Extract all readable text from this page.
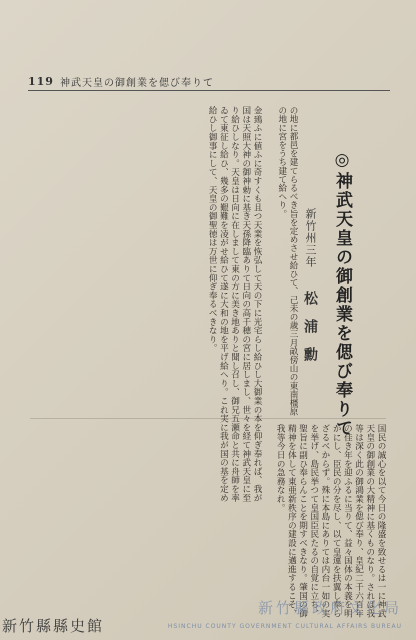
119 神武天皇の御創業を偲び奉りて
◎神武天皇の御創業を偲び奉りて
新竹州三年 松浦勳
の地に都邑を建てらるべき旨を定めさせ給ひて、己未の歳三月畝傍山の東南橿原の地に宮をうち建て給へり。
金鵄ふに値ふに奇すくも且つ天業を恢弘して天の下に光宅らし給ひし大御業の本を仰ぎ奉れば、我が国は天照大神の御神勅に基き天孫降臨ありて日向の高千穂の宮に居しまし、世々を経て神武天皇に至り給ひしなり。天皇は日向に在しまして東の方に美き地ありと聞し召し、御兄五瀬命と共に舟師を率ゐて東征し給ひ、幾多の艱難を凌がせ給ひて遂に大和の地を平げ給へり。これ実に我が国の基を定め給ひし御事にして、天皇の御聖徳は万世に仰ぎ奉るべきなり。
国民の誠心を以て今日の隆盛を致せるは一に神武天皇の御創業の大精神に基くものなり。されば我等は深く此の御鴻業を偲び奉り、皇紀二千六百年の佳き年を迎ふるに当りて、益々国体の本義を明かにし、臣民の分を尽し、以て皇運を扶翼し奉らざるべからず。殊に本島にありては内台一如の実を挙げ、島民挙つて皇国臣民たるの自覚に立ち、聖旨に副ひ奉らんことを期すべきなり。肇国の御精神を体して東亜新秩序の建設に邁進するこそ、我等今日の急務なれ。
新竹縣政府文化局
HSINCHU COUNTY GOVERNMENT CULTURAL AFFAIRS BUREAU
新竹縣縣史館
